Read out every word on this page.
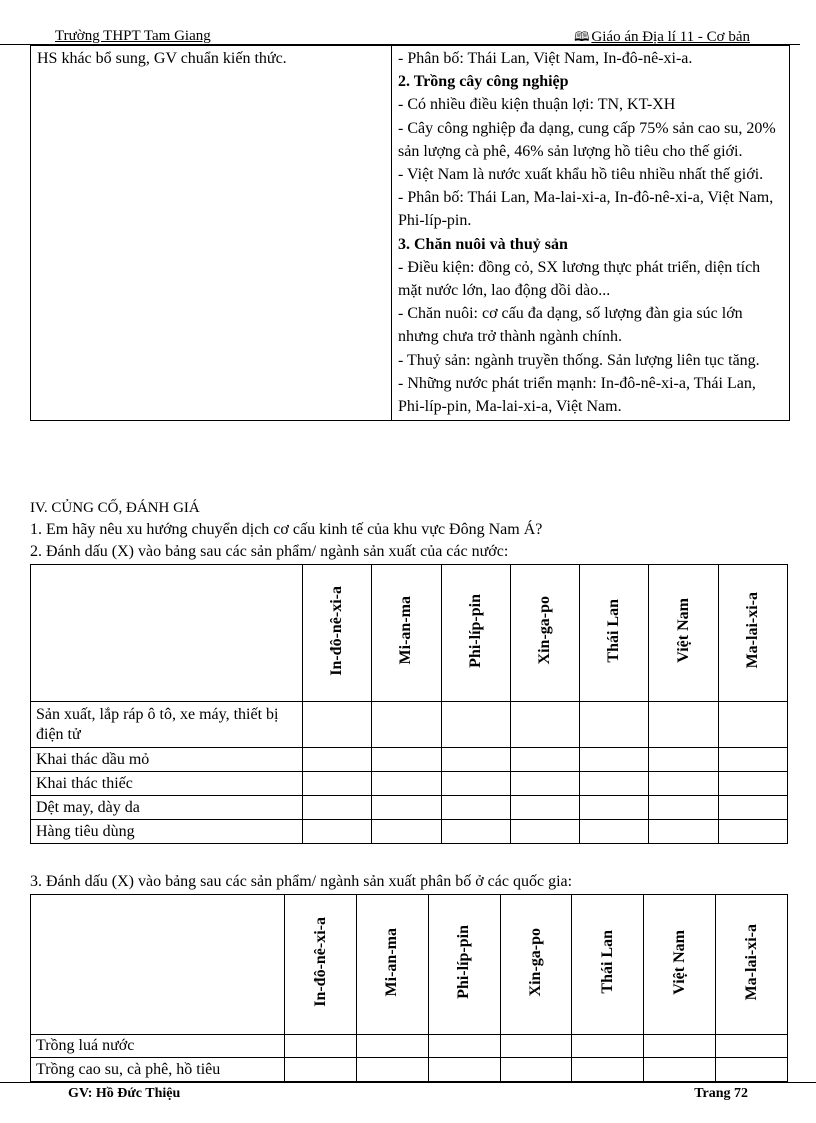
Trường THPT Tam Giang	🕮 Giáo án Địa lí 11 - Cơ bản
HS khác bổ sung, GV chuẩn kiến thức.	- Phân bố: Thái Lan, Việt Nam, In-đô-nê-xi-a.
2. Trồng cây công nghiệp
- Có nhiều điều kiện thuận lợi: TN, KT-XH
- Cây công nghiệp đa dạng, cung cấp 75% sản cao su, 20% sản lượng cà phê, 46% sản lượng hồ tiêu cho thế giới.
- Việt Nam là nước xuất khẩu hồ tiêu nhiều nhất thế giới.
- Phân bố: Thái Lan, Ma-lai-xi-a, In-đô-nê-xi-a, Việt Nam, Phi-líp-pin.
3. Chăn nuôi và thuỷ sản
- Điều kiện: đồng cỏ, SX lương thực phát triển, diện tích mặt nước lớn, lao động dồi dào...
- Chăn nuôi: cơ cấu đa dạng, số lượng đàn gia súc lớn nhưng chưa trở thành ngành chính.
- Thuỷ sản: ngành truyền thống. Sản lượng liên tục tăng.
- Những nước phát triển mạnh: In-đô-nê-xi-a, Thái Lan, Phi-líp-pin, Ma-lai-xi-a, Việt Nam.
IV. CỦNG CỐ, ĐÁNH GIÁ
1. Em hãy nêu xu hướng chuyển dịch cơ cấu kinh tế của khu vực Đông Nam Á?
2. Đánh dấu (X) vào bảng sau các sản phẩm/ ngành sản xuất của các nước:
	In-đô-nê-xi-a	Mi-an-ma	Phi-líp-pin	Xin-ga-po	Thái Lan	Việt Nam	Ma-lai-xi-a
Sản xuất, lắp ráp ô tô, xe máy, thiết bị điện tử							
Khai thác dầu mỏ							
Khai thác thiếc							
Dệt may, dày da							
Hàng tiêu dùng							
3. Đánh dấu (X) vào bảng sau các sản phẩm/ ngành sản xuất phân bố ở các quốc gia:
	In-đô-nê-xi-a	Mi-an-ma	Phi-líp-pin	Xin-ga-po	Thái Lan	Việt Nam	Ma-lai-xi-a
Trồng luá nước							
Trồng cao su, cà phê, hồ tiêu							
GV: Hồ Đức Thiệu	Trang 72
